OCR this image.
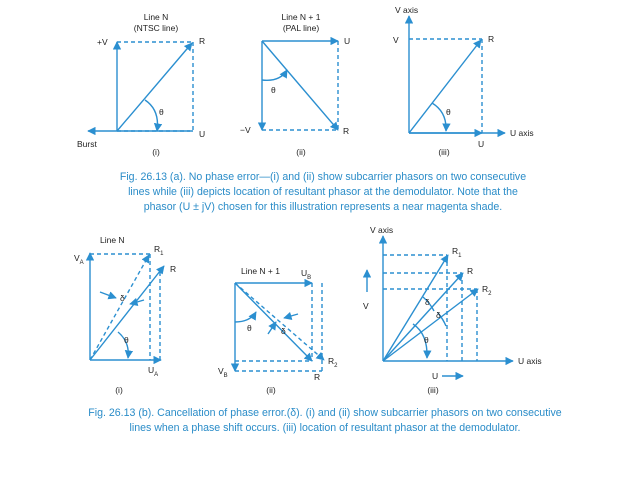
Line N
(NTSC line)
+V	R
U
θ
Burst
(i)
Line N + 1
(PAL line)
U
−V	R
θ
(ii)
V axis
V	R
θ
U
U axis
(iii)
Line N
$V_A$
$R_1$
R
δ
θ
$U_A$
(i)
Line N + 1 $U_B$
θ	δ
$R_2$
R
$V_B$
(ii)
V axis
$R_1$
R
$R_2$
V	δ
δ
θ
U
U axis
(iii)
Fig. 26.13 (a). No phase error—(i) and (ii) show subcarrier phasors on two consecutive
lines while (iii) depicts location of resultant phasor at the demodulator. Note that the
phasor (U ± jV) chosen for this illustration represents a near magenta shade.
Fig. 26.13 (b). Cancellation of phase error.(δ). (i) and (ii) show subcarrier phasors on two consecutive
lines when a phase shift occurs. (iii) location of resultant phasor at the demodulator.
